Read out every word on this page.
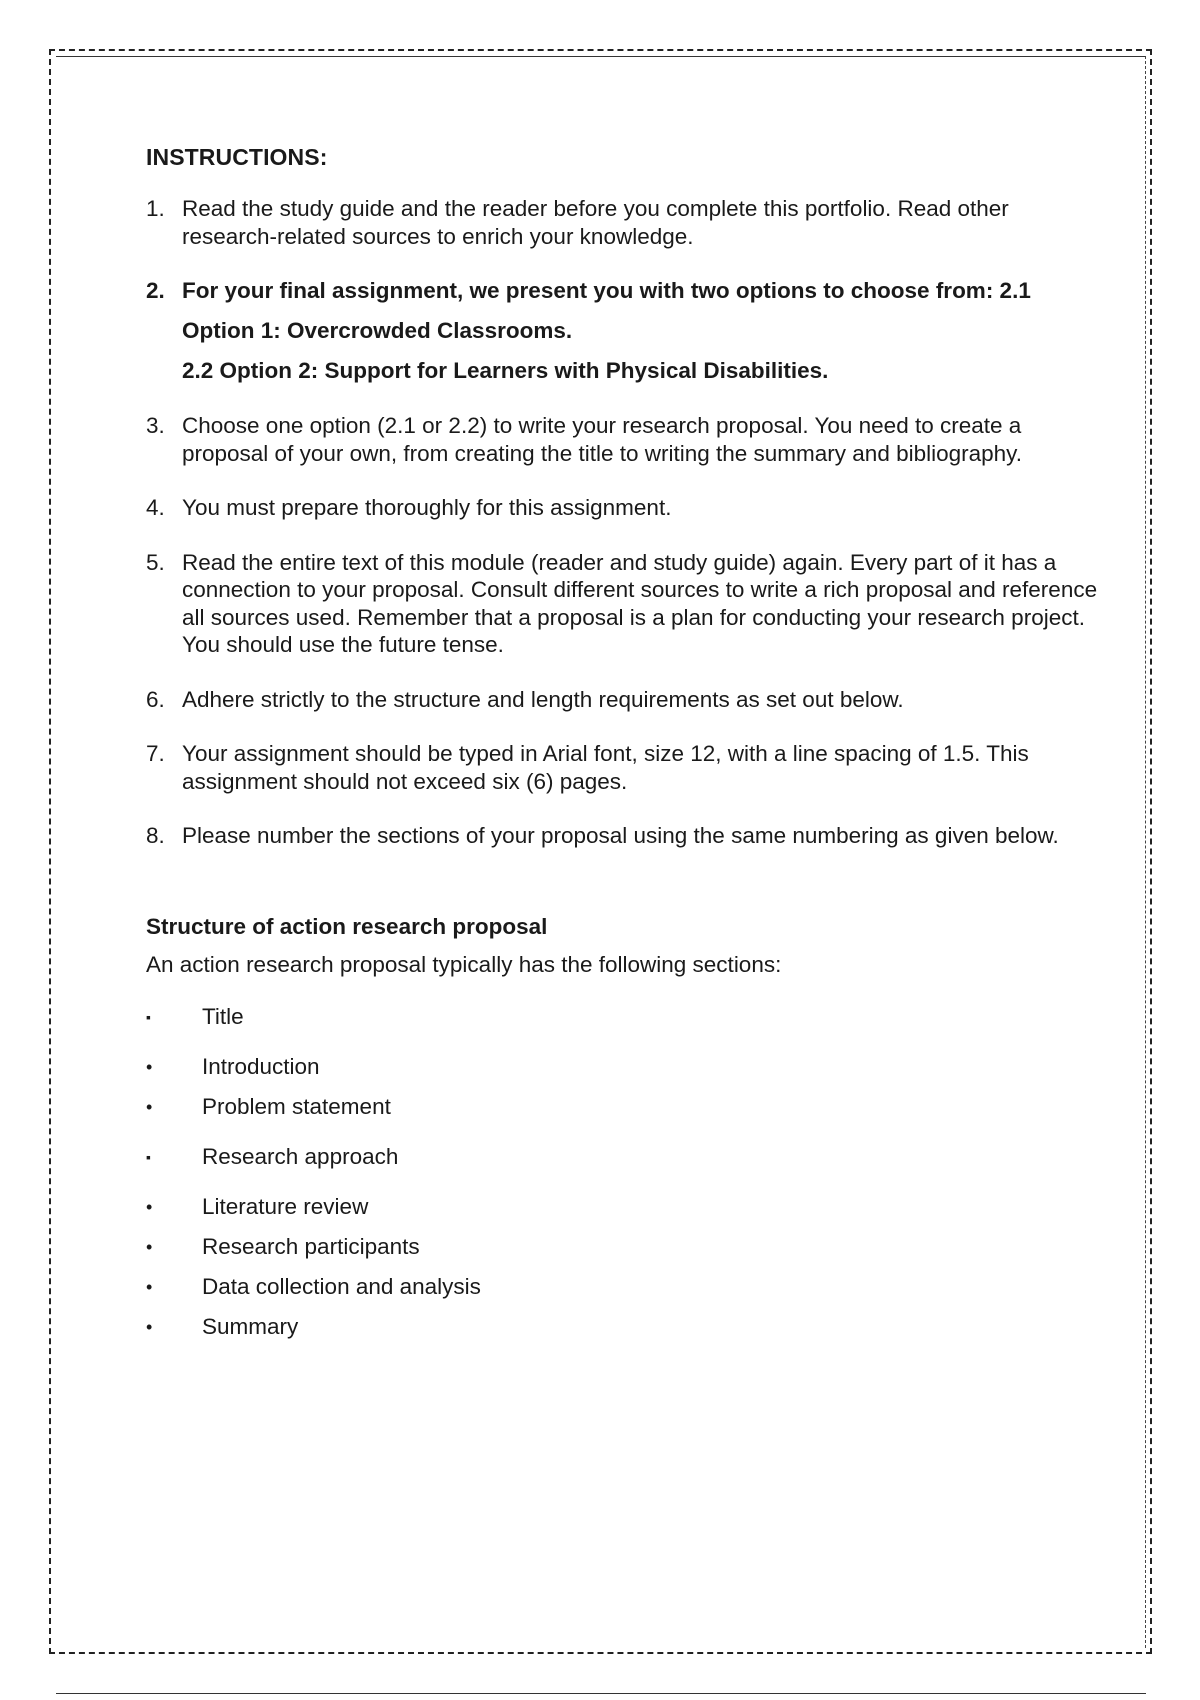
INSTRUCTIONS:
1. Read the study guide and the reader before you complete this portfolio. Read other research-related sources to enrich your knowledge.
2. For your final assignment, we present you with two options to choose from: 2.1
Option 1: Overcrowded Classrooms.
2.2 Option 2: Support for Learners with Physical Disabilities.
3. Choose one option (2.1 or 2.2) to write your research proposal. You need to create a proposal of your own, from creating the title to writing the summary and bibliography.
4. You must prepare thoroughly for this assignment.
5. Read the entire text of this module (reader and study guide) again. Every part of it has a connection to your proposal. Consult different sources to write a rich proposal and reference all sources used. Remember that a proposal is a plan for conducting your research project. You should use the future tense.
6. Adhere strictly to the structure and length requirements as set out below.
7. Your assignment should be typed in Arial font, size 12, with a line spacing of 1.5. This assignment should not exceed six (6) pages.
8. Please number the sections of your proposal using the same numbering as given below.
Structure of action research proposal
An action research proposal typically has the following sections:
▪ Title
• Introduction
• Problem statement
▪ Research approach
• Literature review
• Research participants
• Data collection and analysis
• Summary
